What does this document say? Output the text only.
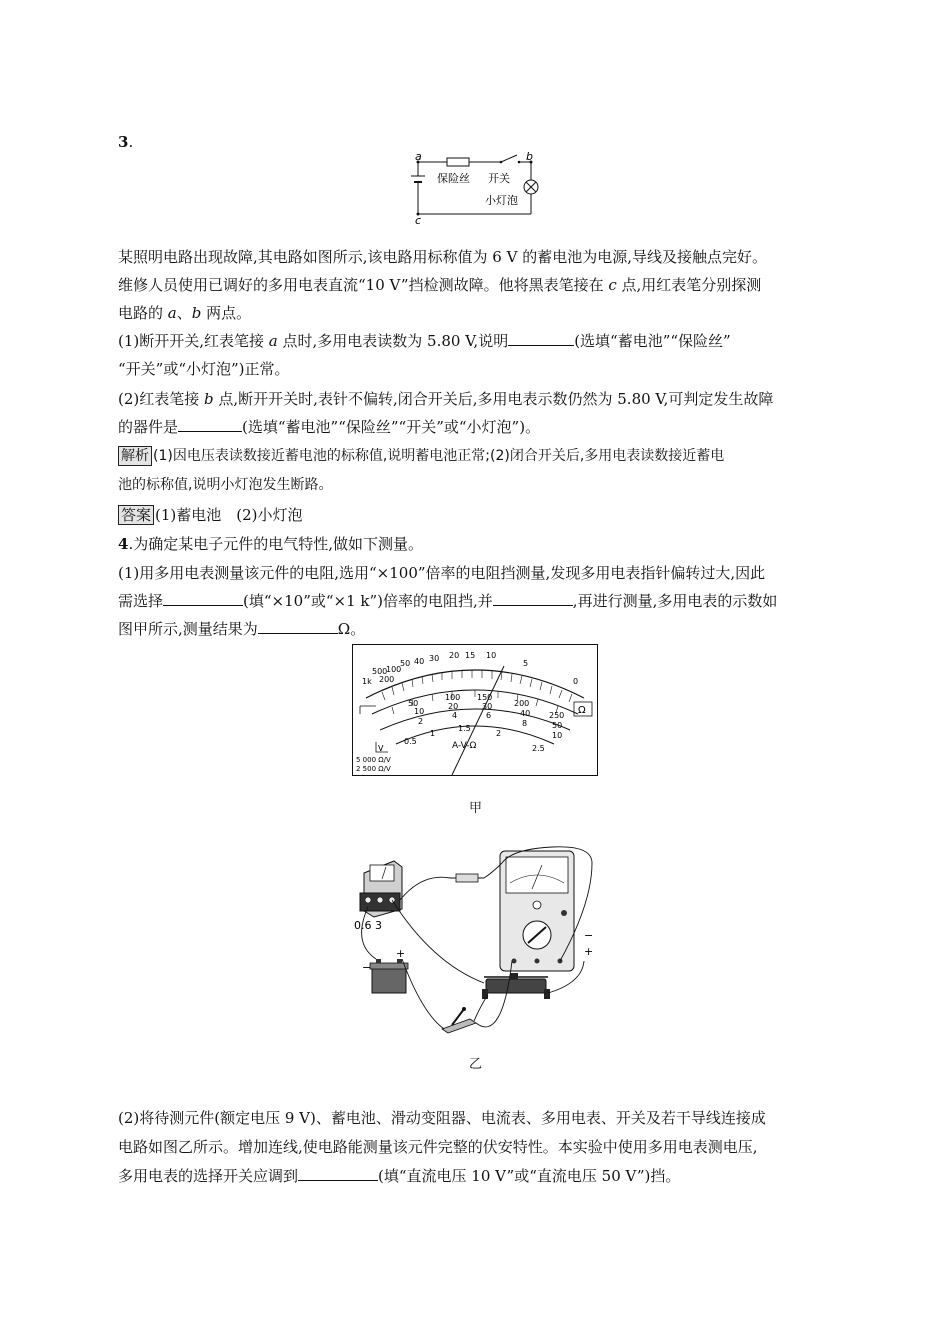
3.
a	b
c
保险丝 开关
小灯泡
某照明电路出现故障,其电路如图所示,该电路用标称值为 6 V 的蓄电池为电源,导线及接触点完好。
维修人员使用已调好的多用电表直流“10 V”挡检测故障。他将黑表笔接在 c 点,用红表笔分别探测
电路的 a、b 两点。
(1)断开开关,红表笔接 a 点时,多用电表读数为 5.80 V,说明	(选填“蓄电池”“保险丝”
“开关”或“小灯泡”)正常。
(2)红表笔接 b 点,断开开关时,表针不偏转,闭合开关后,多用电表示数仍然为 5.80 V,可判定发生故障
的器件是	(选填“蓄电池”“保险丝”“开关”或“小灯泡”)。
解析 (1)因电压表读数接近蓄电池的标称值,说明蓄电池正常;(2)闭合开关后,多用电表读数接近蓄电
池的标称值,说明小灯泡发生断路。
答案 (1)蓄电池　(2)小灯泡
4.为确定某电子元件的电气特性,做如下测量。
(1)用多用电表测量该元件的电阻,选用“×100”倍率的电阻挡测量,发现多用电表指针偏转过大,因此
需选择	(填“×10”或“×1 k”)倍率的电阻挡,并	,再进行测量,多用电表的示数如
图甲所示,测量结果为	Ω。
1k
500
200
100
50 40 30 20 15 10
5
0
Ω
100 150
200
250
50
10
20	30
40
50
2
4	6
8
10
0.5
1
1.5
2
2.5
A-V-Ω
V
5 000 Ω/V
2 500 Ω/V
甲
0.6 3
−
+
−
+
乙
(2)将待测元件(额定电压 9 V)、蓄电池、滑动变阻器、电流表、多用电表、开关及若干导线连接成
电路如图乙所示。增加连线,使电路能测量该元件完整的伏安特性。本实验中使用多用电表测电压,
多用电表的选择开关应调到	(填“直流电压 10 V”或“直流电压 50 V”)挡。
